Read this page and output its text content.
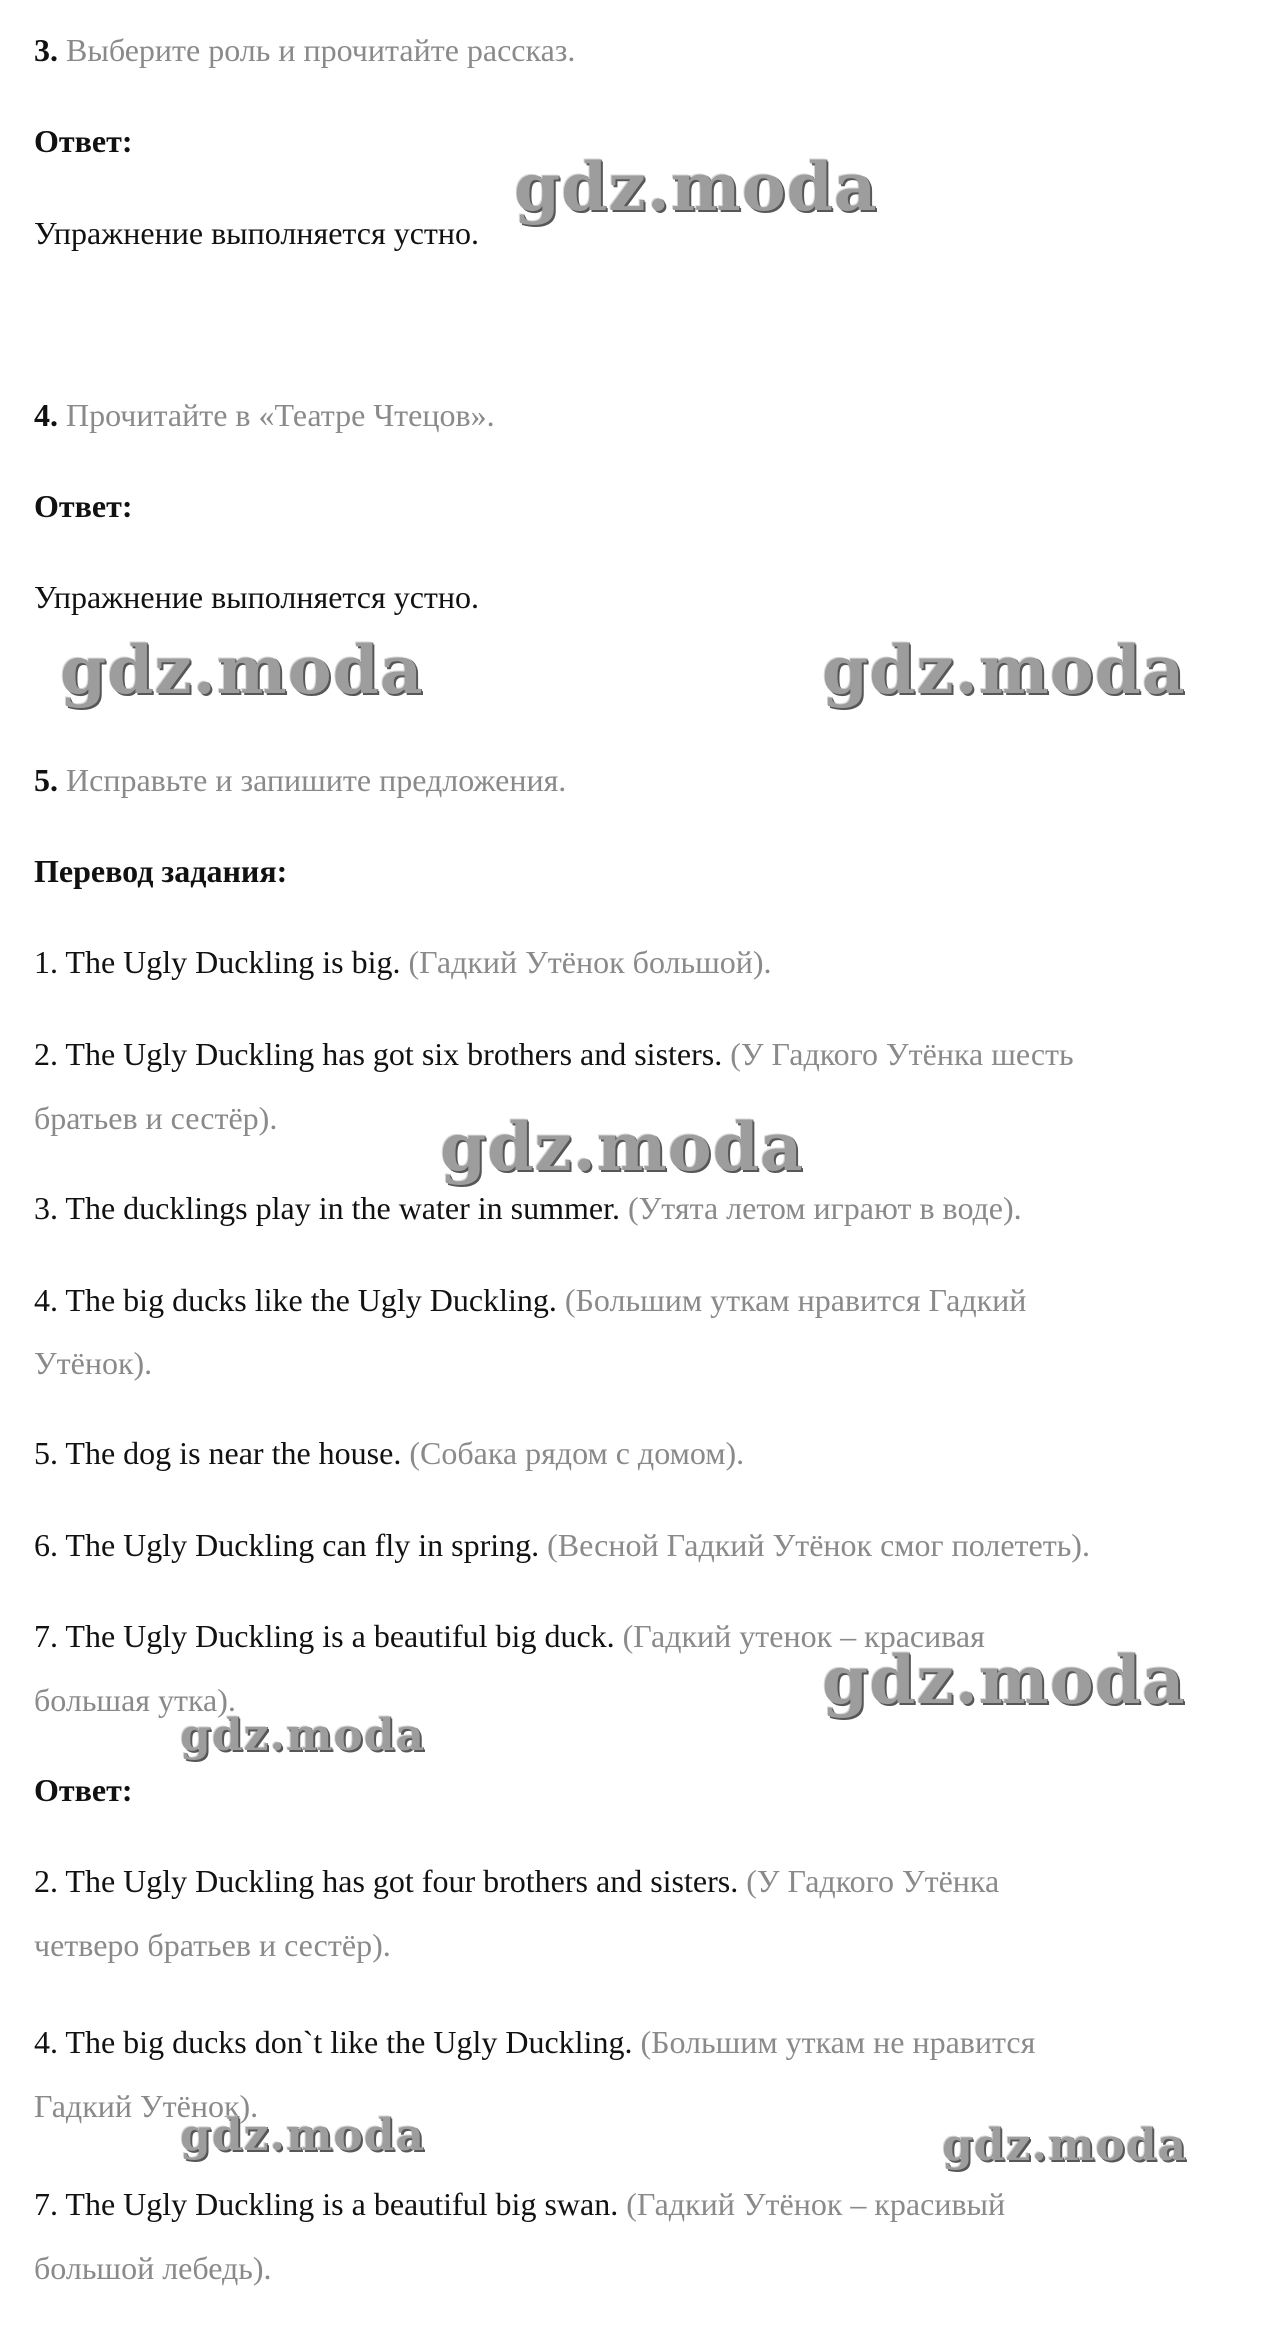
3. Выберите роль и прочитайте рассказ.
Ответ:
Упражнение выполняется устно.
4. Прочитайте в «Театре Чтецов».
Ответ:
Упражнение выполняется устно.
5. Исправьте и запишите предложения.
Перевод задания:
1. The Ugly Duckling is big. (Гадкий Утёнок большой).
2. The Ugly Duckling has got six brothers and sisters. (У Гадкого Утёнка шесть
братьев и сестёр).
3. The ducklings play in the water in summer. (Утята летом играют в воде).
4. The big ducks like the Ugly Duckling. (Большим уткам нравится Гадкий
Утёнок).
5. The dog is near the house. (Собака рядом с домом).
6. The Ugly Duckling can fly in spring. (Весной Гадкий Утёнок смог полететь).
7. The Ugly Duckling is a beautiful big duck. (Гадкий утенок – красивая
большая утка).
Ответ:
2. The Ugly Duckling has got four brothers and sisters. (У Гадкого Утёнка
четверо братьев и сестёр).
4. The big ducks don`t like the Ugly Duckling. (Большим уткам не нравится
Гадкий Утёнок).
7. The Ugly Duckling is a beautiful big swan. (Гадкий Утёнок – красивый
большой лебедь).
gdz.moda
gdz.moda	gdz.moda
gdz.moda
gdz.moda
gdz.moda
gdz.moda	gdz.moda
